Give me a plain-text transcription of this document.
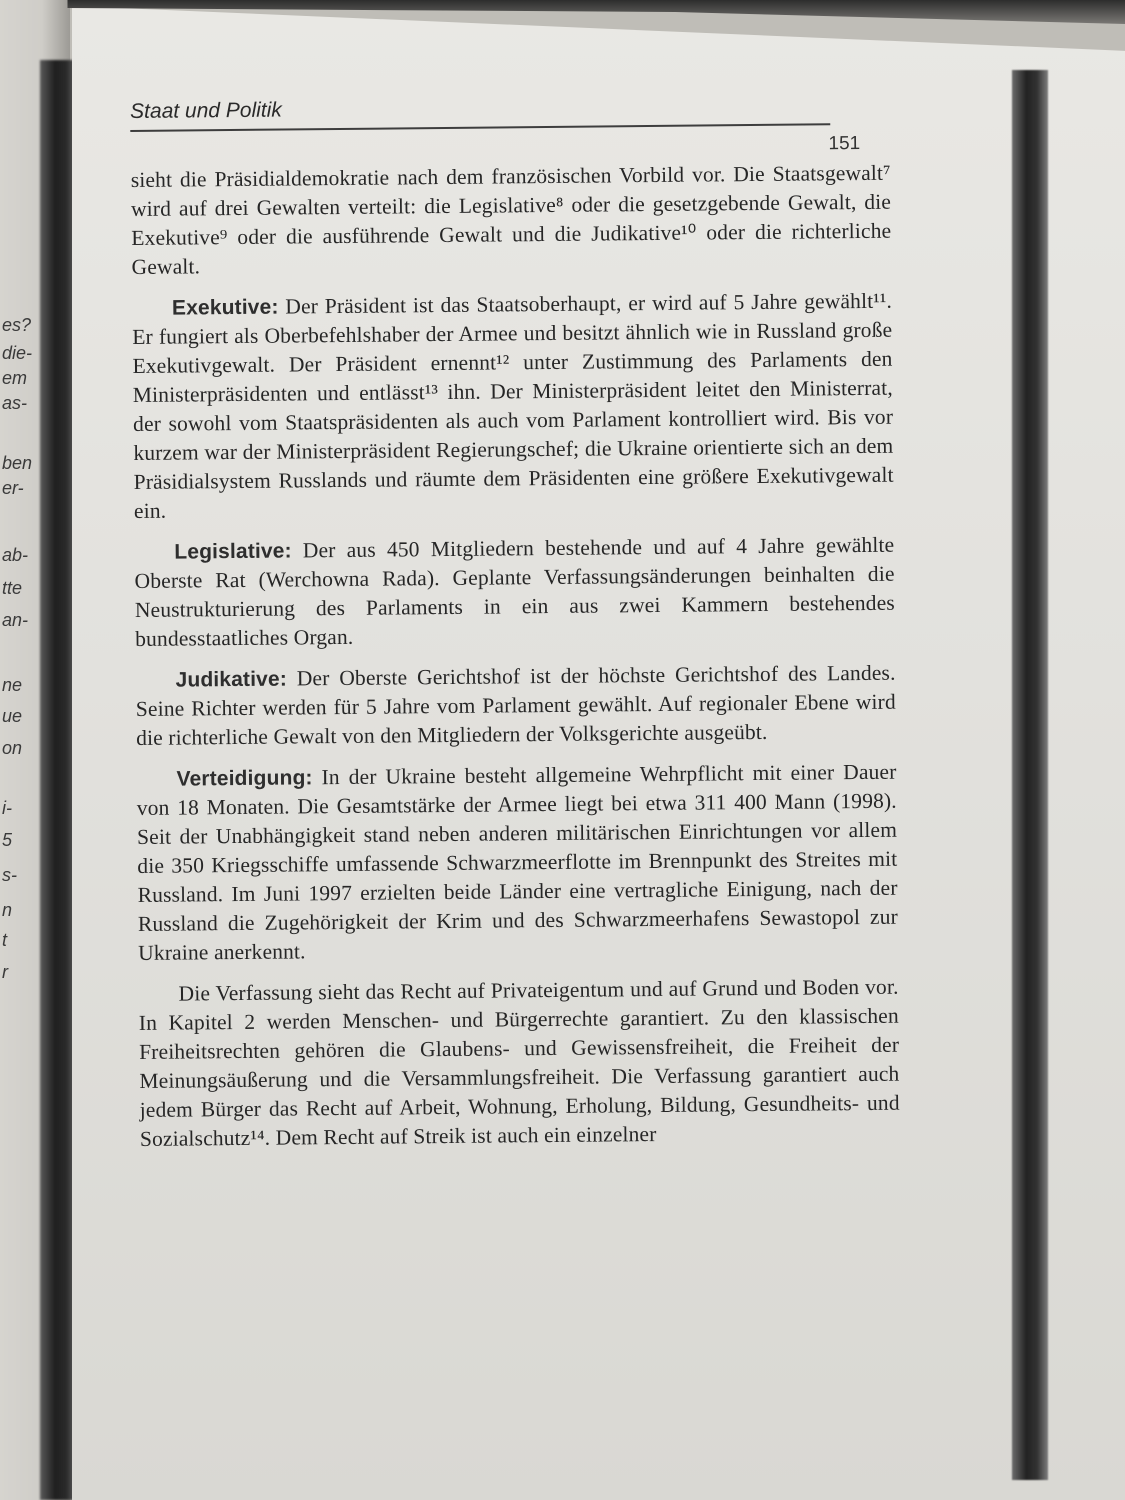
es?
die-
em
as-
ben
er-
ab-
tte
an-
ne
ue
on
i-
5
s-
n
t
r
Staat und Politik
151

sieht die Präsidialdemokratie nach dem französischen Vorbild vor. Die Staatsgewalt⁷ wird auf drei Gewalten verteilt: die Legislative⁸ oder die gesetzgebende Gewalt, die Exekutive⁹ oder die ausführende Gewalt und die Judikative¹⁰ oder die richterliche Gewalt.

Exekutive: Der Präsident ist das Staatsoberhaupt, er wird auf 5 Jahre gewählt¹¹. Er fungiert als Oberbefehlshaber der Armee und besitzt ähnlich wie in Russland große Exekutivgewalt. Der Präsident ernennt¹² unter Zustimmung des Parlaments den Ministerpräsidenten und entlässt¹³ ihn. Der Ministerpräsident leitet den Ministerrat, der sowohl vom Staatspräsidenten als auch vom Parlament kontrolliert wird. Bis vor kurzem war der Ministerpräsident Regierungschef; die Ukraine orientierte sich an dem Präsidialsystem Russlands und räumte dem Präsidenten eine größere Exekutivgewalt ein.

Legislative: Der aus 450 Mitgliedern bestehende und auf 4 Jahre gewählte Oberste Rat (Werchowna Rada). Geplante Verfassungsänderungen beinhalten die Neustrukturierung des Parlaments in ein aus zwei Kammern bestehendes bundesstaatliches Organ.

Judikative: Der Oberste Gerichtshof ist der höchste Gerichtshof des Landes. Seine Richter werden für 5 Jahre vom Parlament gewählt. Auf regionaler Ebene wird die richterliche Gewalt von den Mitgliedern der Volksgerichte ausgeübt.

Verteidigung: In der Ukraine besteht allgemeine Wehrpflicht mit einer Dauer von 18 Monaten. Die Gesamtstärke der Armee liegt bei etwa 311 400 Mann (1998). Seit der Unabhängigkeit stand neben anderen militärischen Einrichtungen vor allem die 350 Kriegsschiffe umfassende Schwarzmeerflotte im Brennpunkt des Streites mit Russland. Im Juni 1997 erzielten beide Länder eine vertragliche Einigung, nach der Russland die Zugehörigkeit der Krim und des Schwarzmeerhafens Sewastopol zur Ukraine anerkennt.

Die Verfassung sieht das Recht auf Privateigentum und auf Grund und Boden vor. In Kapitel 2 werden Menschen- und Bürgerrechte garantiert. Zu den klassischen Freiheitsrechten gehören die Glaubens- und Gewissensfreiheit, die Freiheit der Meinungsäußerung und die Versammlungsfreiheit. Die Verfassung garantiert auch jedem Bürger das Recht auf Arbeit, Wohnung, Erholung, Bildung, Gesundheits- und Sozialschutz¹⁴. Dem Recht auf Streik ist auch ein einzelner
